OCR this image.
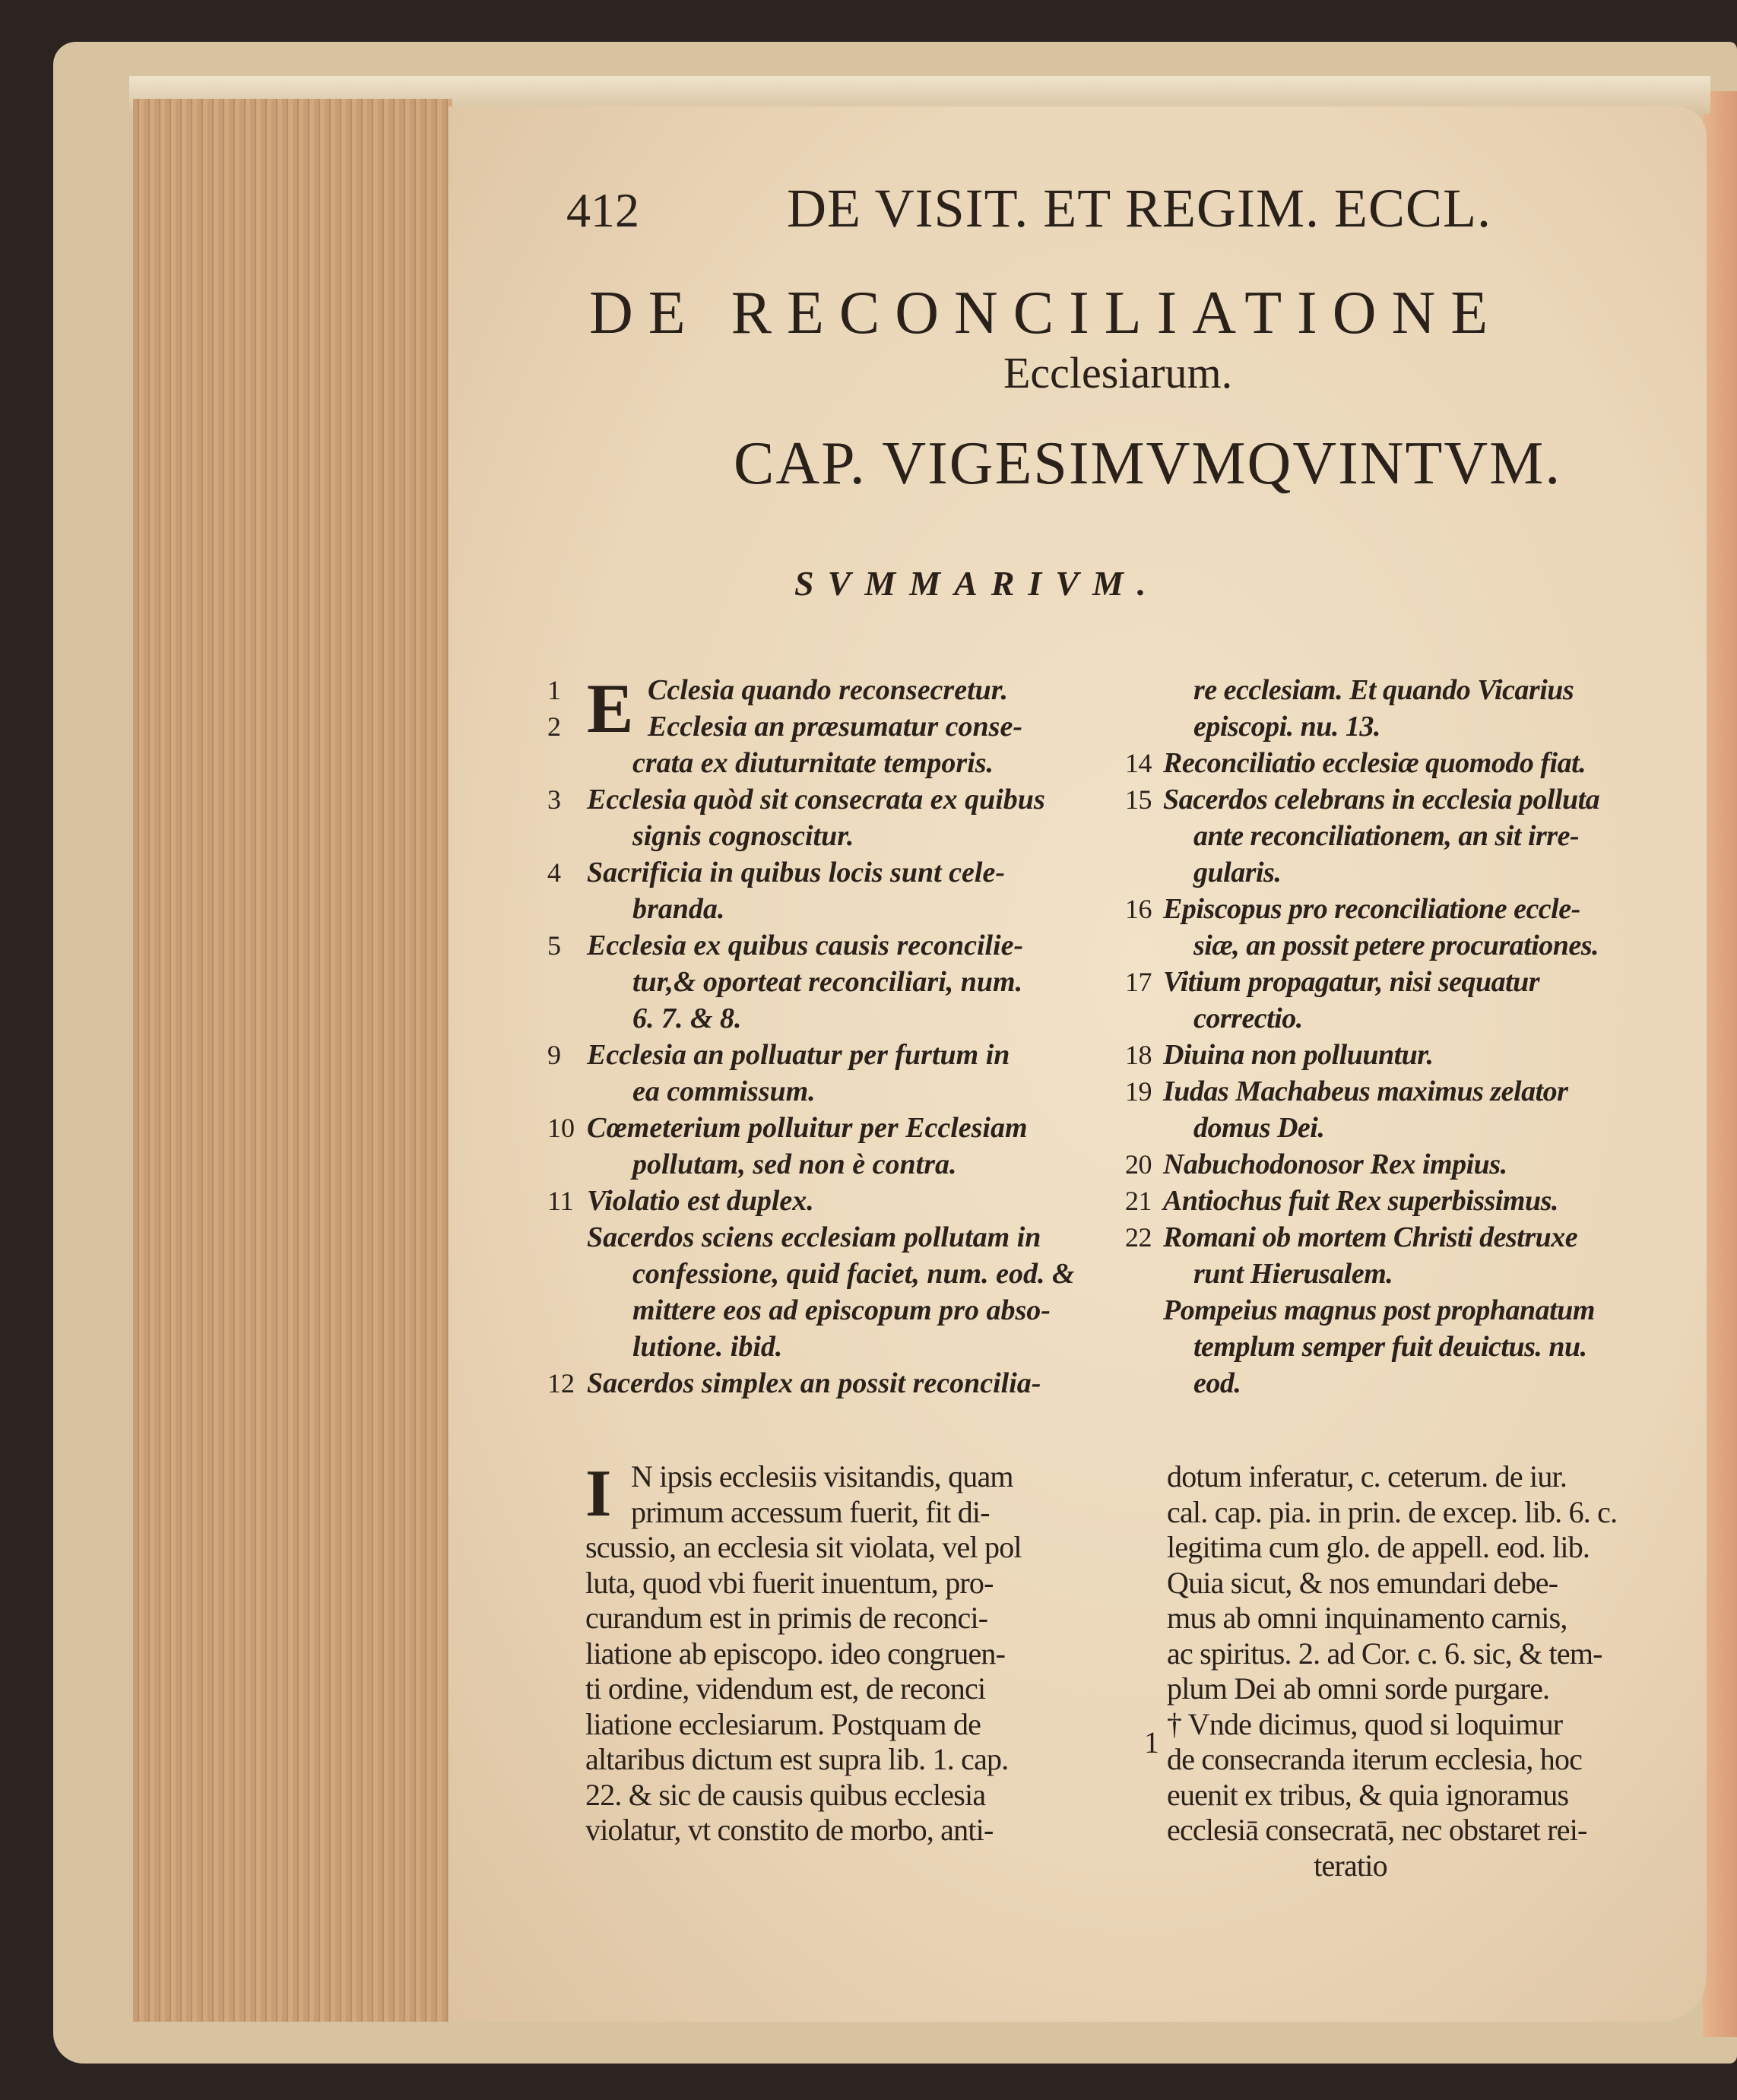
412	DE VISIT. ET REGIM. ECCL.
DE RECONCILIATIONE
Ecclesiarum.
CAP. VIGESIMVMQVINTVM.
SVMMARIVM.
E
1	Cclesia quando reconsecretur.
2	Ecclesia an præsumatur conse-
crata ex diuturnitate temporis.
3 Ecclesia quòd sit consecrata ex quibus
signis cognoscitur.
4 Sacrificia in quibus locis sunt cele-
branda.
5 Ecclesia ex quibus causis reconcilie-
tur,& oporteat reconciliari, num.
6. 7. & 8.
9 Ecclesia an polluatur per furtum in
ea commissum.
10 Cœmeterium polluitur per Ecclesiam
pollutam, sed non è contra.
11 Violatio est duplex.
Sacerdos sciens ecclesiam pollutam in
confessione, quid faciet, num. eod. &
mittere eos ad episcopum pro abso-
lutione. ibid.
12 Sacerdos simplex an possit reconcilia-
re ecclesiam. Et quando Vicarius
episcopi. nu. 13.
14 Reconciliatio ecclesiæ quomodo fiat.
15 Sacerdos celebrans in ecclesia polluta
ante reconciliationem, an sit irre-
gularis.
16 Episcopus pro reconciliatione eccle-
siæ, an possit petere procurationes.
17 Vitium propagatur, nisi sequatur
correctio.
18 Diuina non polluuntur.
19 Iudas Machabeus maximus zelator
domus Dei.
20 Nabuchodonosor Rex impius.
21 Antiochus fuit Rex superbissimus.
22 Romani ob mortem Christi destruxe
runt Hierusalem.
Pompeius magnus post prophanatum
templum semper fuit deuictus. nu.
eod.
I N ipsis ecclesiis visitandis, quam
primum accessum fuerit, fit di-
scussio, an ecclesia sit violata, vel pol
luta, quod vbi fuerit inuentum, pro-
curandum est in primis de reconci-
liatione ab episcopo. ideo congruen-
ti ordine, videndum est, de reconci
liatione ecclesiarum. Postquam de
altaribus dictum est supra lib. 1. cap.
22. & sic de causis quibus ecclesia
violatur, vt constito de morbo, anti-
1
dotum inferatur, c. ceterum. de iur.
cal. cap. pia. in prin. de excep. lib. 6. c.
legitima cum glo. de appell. eod. lib.
Quia sicut, & nos emundari debe-
mus ab omni inquinamento carnis,
ac spiritus. 2. ad Cor. c. 6. sic, & tem-
plum Dei ab omni sorde purgare.
† Vnde dicimus, quod si loquimur
de consecranda iterum ecclesia, hoc
euenit ex tribus, & quia ignoramus
ecclesiā consecratā, nec obstaret rei-
teratio
